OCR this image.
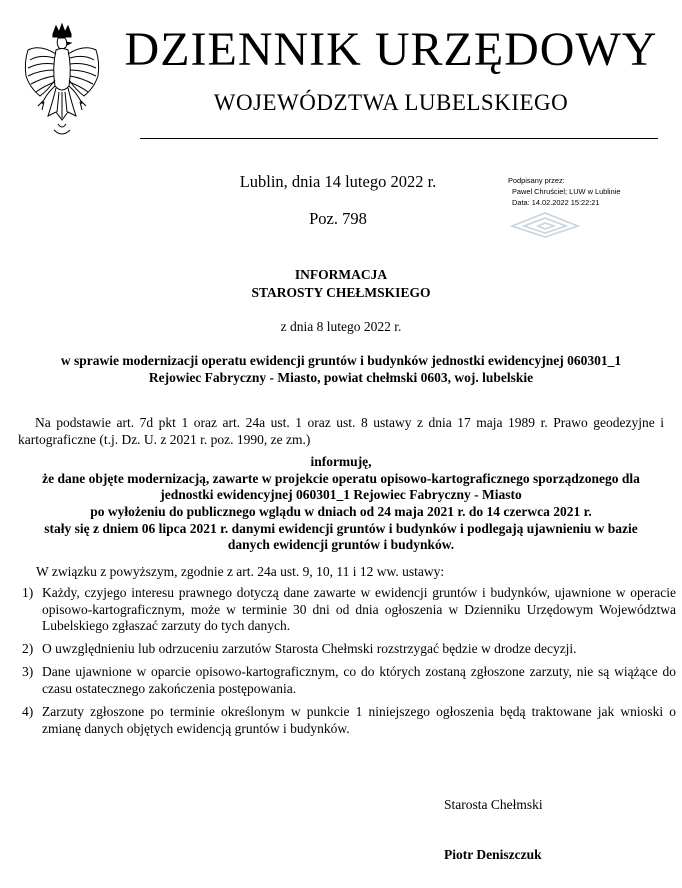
DZIENNIK URZĘDOWY
WOJEWÓDZTWA LUBELSKIEGO
Lublin, dnia 14 lutego 2022 r.
Poz. 798
Podpisany przez:
Pawel Chruściel; LUW w Lublinie
Data: 14.02.2022 15:22:21
INFORMACJA
STAROSTY CHEŁMSKIEGO
z dnia 8 lutego 2022 r.
w sprawie modernizacji operatu ewidencji gruntów i budynków jednostki ewidencyjnej 060301_1
Rejowiec Fabryczny - Miasto, powiat chełmski 0603, woj. lubelskie
Na podstawie art. 7d pkt 1 oraz art. 24a ust. 1 oraz ust. 8 ustawy z dnia 17 maja 1989 r. Prawo geodezyjne i kartograficzne (t.j. Dz. U. z 2021 r. poz. 1990, ze zm.)
informuję,
że dane objęte modernizacją, zawarte w projekcie operatu opisowo-kartograficznego sporządzonego dla
jednostki ewidencyjnej 060301_1 Rejowiec Fabryczny - Miasto
po wyłożeniu do publicznego wglądu w dniach od 24 maja 2021 r. do 14 czerwca 2021 r.
stały się z dniem 06 lipca 2021 r. danymi ewidencji gruntów i budynków i podlegają ujawnieniu w bazie
danych ewidencji gruntów i budynków.
W związku z powyższym, zgodnie z art. 24a ust. 9, 10, 11 i 12 ww. ustawy:
1) Każdy, czyjego interesu prawnego dotyczą dane zawarte w ewidencji gruntów i budynków, ujawnione w operacie opisowo-kartograficznym, może w terminie 30 dni od dnia ogłoszenia w Dzienniku Urzędowym Województwa Lubelskiego zgłaszać zarzuty do tych danych.
2) O uwzględnieniu lub odrzuceniu zarzutów Starosta Chełmski rozstrzygać będzie w drodze decyzji.
3) Dane ujawnione w oparcie opisowo-kartograficznym, co do których zostaną zgłoszone zarzuty, nie są wiążące do czasu ostatecznego zakończenia postępowania.
4) Zarzuty zgłoszone po terminie określonym w punkcie 1 niniejszego ogłoszenia będą traktowane jak wnioski o zmianę danych objętych ewidencją gruntów i budynków.
Starosta Chełmski
Piotr Deniszczuk
